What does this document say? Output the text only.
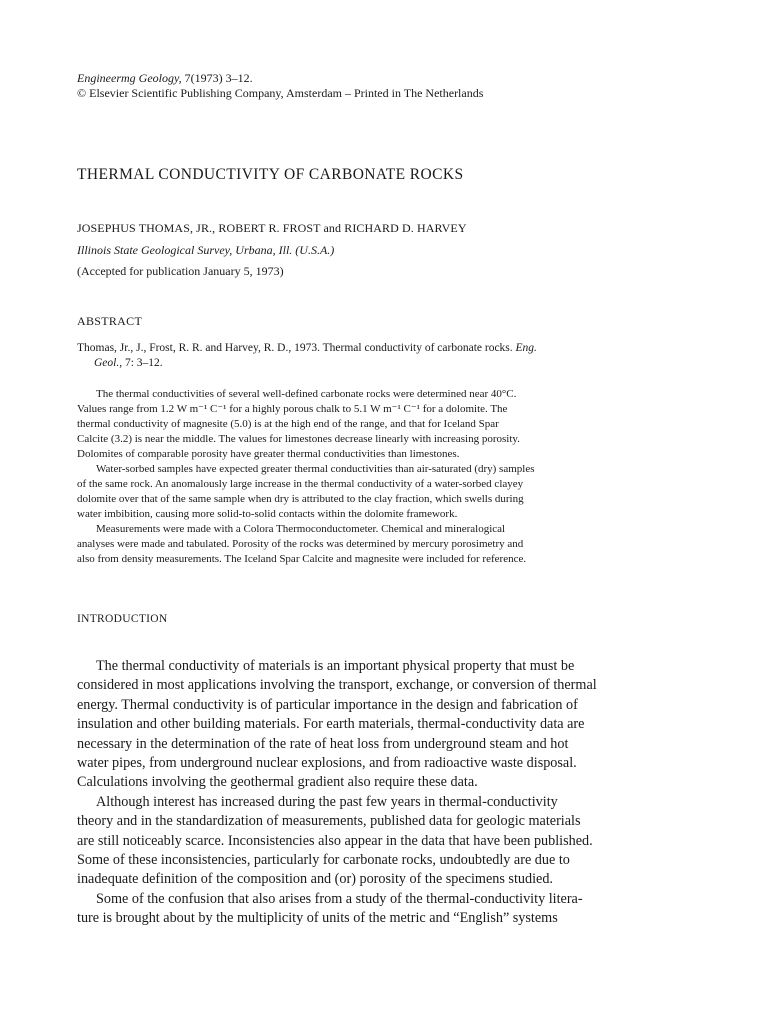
Engineermg Geology, 7(1973) 3–12.

© Elsevier Scientific Publishing Company, Amsterdam – Printed in The Netherlands

THERMAL CONDUCTIVITY OF CARBONATE ROCKS

JOSEPHUS THOMAS, JR., ROBERT R. FROST and RICHARD D. HARVEY

Illinois State Geological Survey, Urbana, Ill. (U.S.A.)

(Accepted for publication January 5, 1973)

ABSTRACT
Thomas, Jr., J., Frost, R. R. and Harvey, R. D., 1973. Thermal conductivity of carbonate rocks. Eng.
Geol., 7: 3–12.
The thermal conductivities of several well-defined carbonate rocks were determined near 40°C.
Values range from 1.2 W m⁻¹ C⁻¹ for a highly porous chalk to 5.1 W m⁻¹ C⁻¹ for a dolomite. The
thermal conductivity of magnesite (5.0) is at the high end of the range, and that for Iceland Spar
Calcite (3.2) is near the middle. The values for limestones decrease linearly with increasing porosity.
Dolomites of comparable porosity have greater thermal conductivities than limestones.
Water-sorbed samples have expected greater thermal conductivities than air-saturated (dry) samples
of the same rock. An anomalously large increase in the thermal conductivity of a water-sorbed clayey
dolomite over that of the same sample when dry is attributed to the clay fraction, which swells during
water imbibition, causing more solid-to-solid contacts within the dolomite framework.
Measurements were made with a Colora Thermoconductometer. Chemical and mineralogical
analyses were made and tabulated. Porosity of the rocks was determined by mercury porosimetry and
also from density measurements. The Iceland Spar Calcite and magnesite were included for reference.
INTRODUCTION
The thermal conductivity of materials is an important physical property that must be
considered in most applications involving the transport, exchange, or conversion of thermal
energy. Thermal conductivity is of particular importance in the design and fabrication of
insulation and other building materials. For earth materials, thermal-conductivity data are
necessary in the determination of the rate of heat loss from underground steam and hot
water pipes, from underground nuclear explosions, and from radioactive waste disposal.
Calculations involving the geothermal gradient also require these data.
Although interest has increased during the past few years in thermal-conductivity
theory and in the standardization of measurements, published data for geologic materials
are still noticeably scarce. Inconsistencies also appear in the data that have been published.
Some of these inconsistencies, particularly for carbonate rocks, undoubtedly are due to
inadequate definition of the composition and (or) porosity of the specimens studied.
Some of the confusion that also arises from a study of the thermal-conductivity litera-
ture is brought about by the multiplicity of units of the metric and “English” systems
